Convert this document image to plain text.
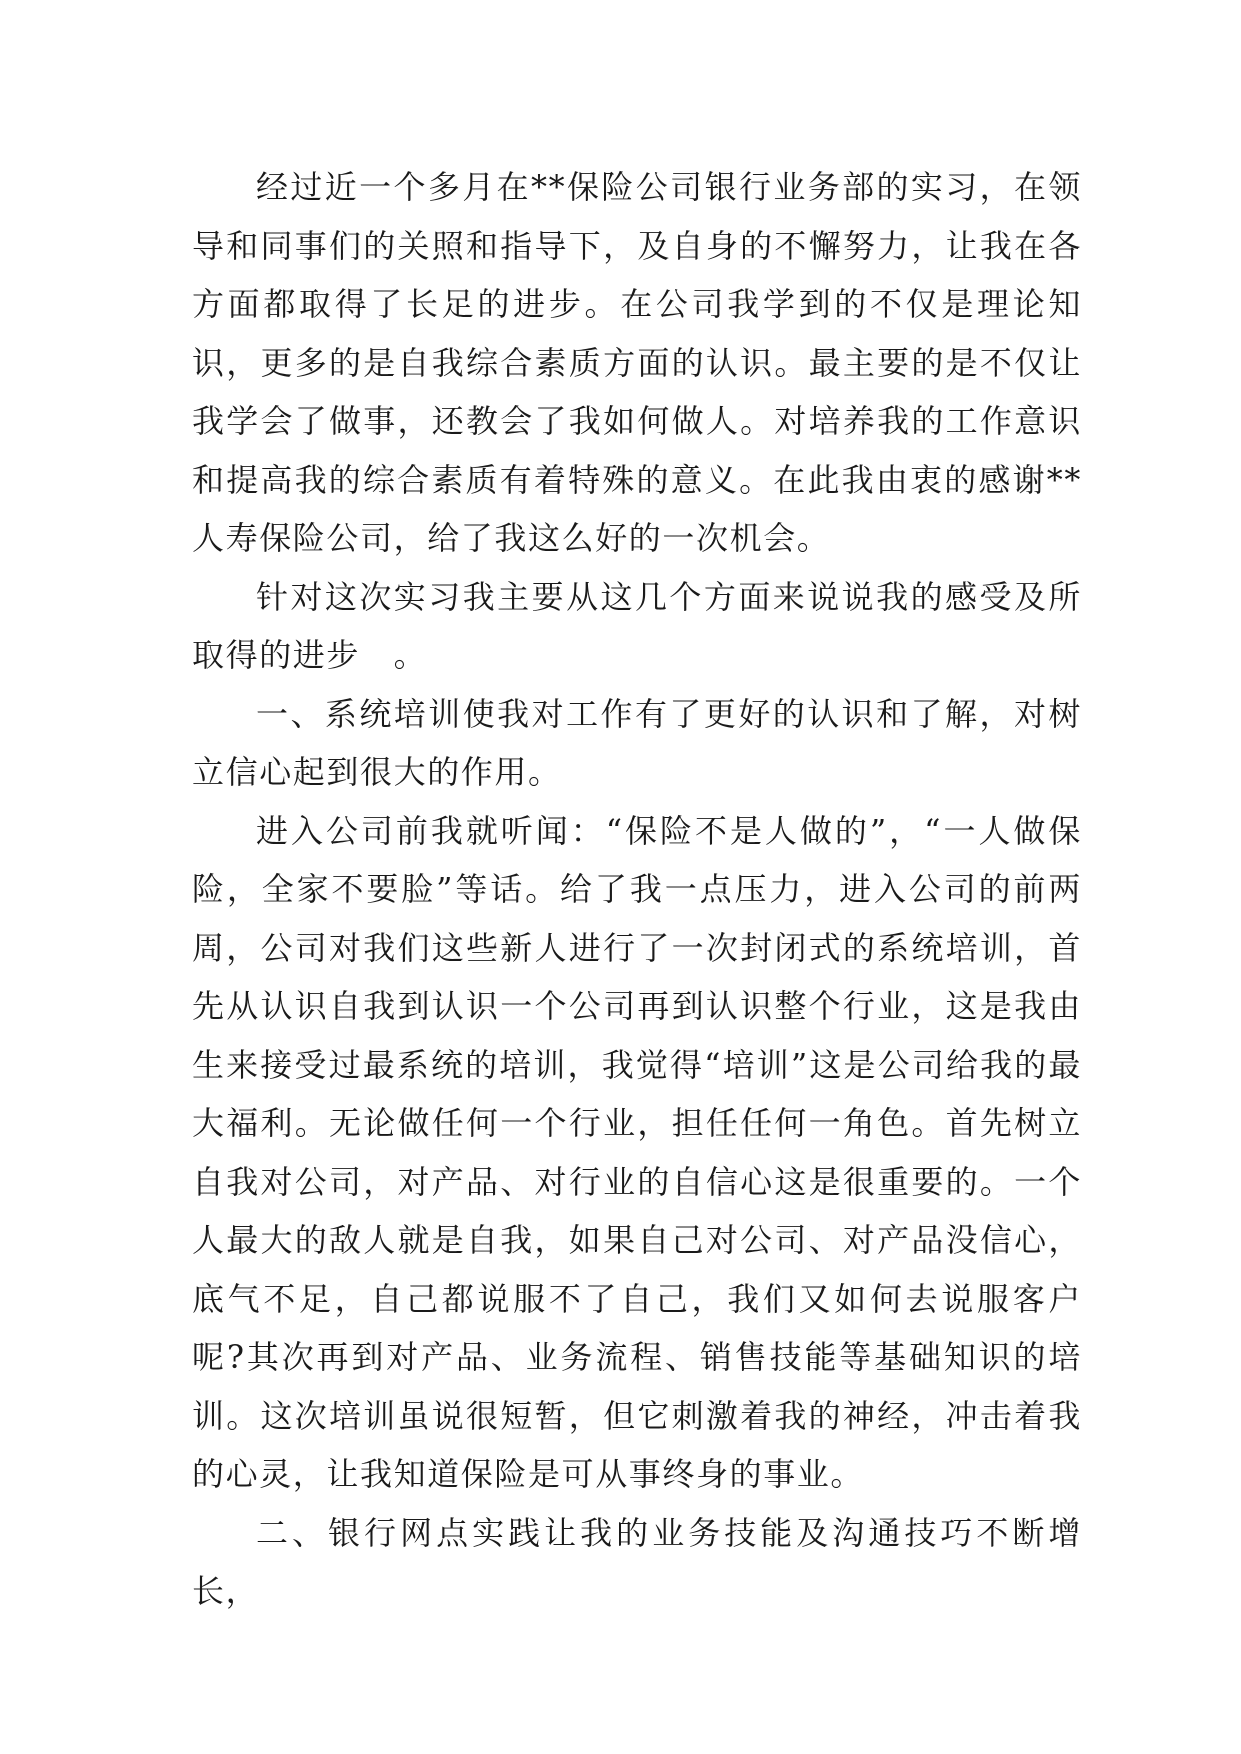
经过近一个多月在**保险公司银行业务部的实习，在领导和同事们的关照和指导下，及自身的不懈努力，让我在各方面都取得了长足的进步。在公司我学到的不仅是理论知识，更多的是自我综合素质方面的认识。最主要的是不仅让我学会了做事，还教会了我如何做人。对培养我的工作意识和提高我的综合素质有着特殊的意义。在此我由衷的感谢**人寿保险公司，给了我这么好的一次机会。

针对这次实习我主要从这几个方面来说说我的感受及所取得的进步　。

一、系统培训使我对工作有了更好的认识和了解，对树立信心起到很大的作用。

进入公司前我就听闻：“保险不是人做的”，“一人做保险，全家不要脸”等话。给了我一点压力，进入公司的前两周，公司对我们这些新人进行了一次封闭式的系统培训，首先从认识自我到认识一个公司再到认识整个行业，这是我由生来接受过最系统的培训，我觉得“培训”这是公司给我的最大福利。无论做任何一个行业，担任任何一角色。首先树立自我对公司，对产品、对行业的自信心这是很重要的。一个人最大的敌人就是自我，如果自己对公司、对产品没信心，底气不足，自己都说服不了自己，我们又如何去说服客户呢?其次再到对产品、业务流程、销售技能等基础知识的培训。这次培训虽说很短暂，但它刺激着我的神经，冲击着我的心灵，让我知道保险是可从事终身的事业。

二、银行网点实践让我的业务技能及沟通技巧不断增长，
